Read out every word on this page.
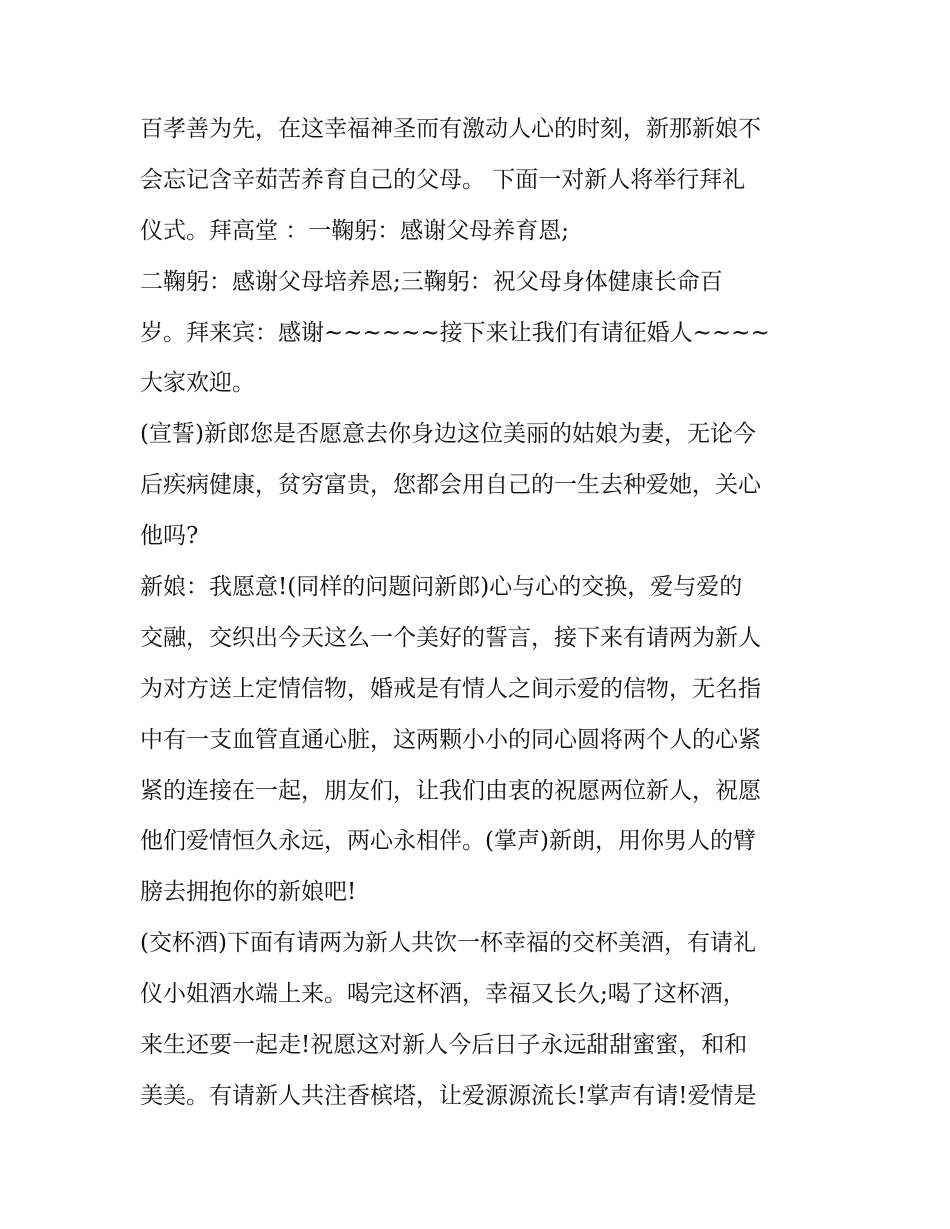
百孝善为先，在这幸福神圣而有激动人心的时刻，新那新娘不
会忘记含辛茹苦养育自己的父母。 下面一对新人将举行拜礼
仪式。拜高堂 ：一鞠躬：感谢父母养育恩;
二鞠躬：感谢父母培养恩;三鞠躬：祝父母身体健康长命百
岁。拜来宾：感谢~~~~~~接下来让我们有请征婚人~~~~
大家欢迎。
(宣誓)新郎您是否愿意去你身边这位美丽的姑娘为妻，无论今
后疾病健康，贫穷富贵，您都会用自己的一生去种爱她，关心
他吗?
新娘：我愿意!(同样的问题问新郎)心与心的交换，爱与爱的
交融，交织出今天这么一个美好的誓言，接下来有请两为新人
为对方送上定情信物，婚戒是有情人之间示爱的信物，无名指
中有一支血管直通心脏，这两颗小小的同心圆将两个人的心紧
紧的连接在一起，朋友们，让我们由衷的祝愿两位新人，祝愿
他们爱情恒久永远，两心永相伴。(掌声)新朗，用你男人的臂
膀去拥抱你的新娘吧!
(交杯酒)下面有请两为新人共饮一杯幸福的交杯美酒，有请礼
仪小姐酒水端上来。喝完这杯酒，幸福又长久;喝了这杯酒，
来生还要一起走!祝愿这对新人今后日子永远甜甜蜜蜜，和和
美美。有请新人共注香槟塔，让爱源源流长!掌声有请!爱情是
